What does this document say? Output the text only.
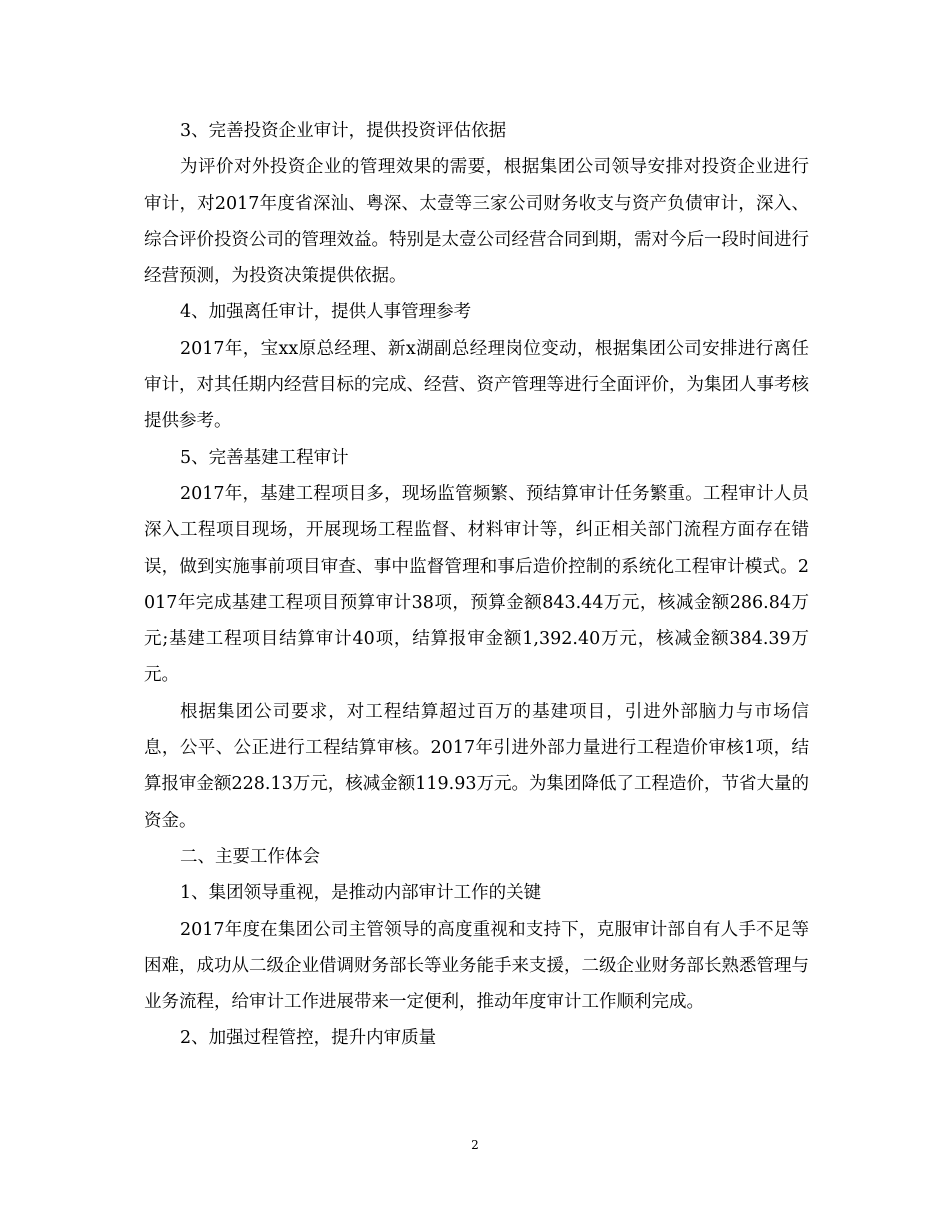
3、完善投资企业审计，提供投资评估依据

为评价对外投资企业的管理效果的需要，根据集团公司领导安排对投资企业进行审计，对2017年度省深汕、粤深、太壹等三家公司财务收支与资产负债审计，深入、综合评价投资公司的管理效益。特别是太壹公司经营合同到期，需对今后一段时间进行经营预测，为投资决策提供依据。

4、加强离任审计，提供人事管理参考

2017年，宝xx原总经理、新x湖副总经理岗位变动，根据集团公司安排进行离任审计，对其任期内经营目标的完成、经营、资产管理等进行全面评价，为集团人事考核提供参考。

5、完善基建工程审计

2017年，基建工程项目多，现场监管频繁、预结算审计任务繁重。工程审计人员深入工程项目现场，开展现场工程监督、材料审计等，纠正相关部门流程方面存在错误，做到实施事前项目审查、事中监督管理和事后造价控制的系统化工程审计模式。2017年完成基建工程项目预算审计38项，预算金额843.44万元，核减金额286.84万元;基建工程项目结算审计40项，结算报审金额1,392.40万元，核减金额384.39万元。

根据集团公司要求，对工程结算超过百万的基建项目，引进外部脑力与市场信息，公平、公正进行工程结算审核。2017年引进外部力量进行工程造价审核1项，结算报审金额228.13万元，核减金额119.93万元。为集团降低了工程造价，节省大量的资金。

二、主要工作体会

1、集团领导重视，是推动内部审计工作的关键

2017年度在集团公司主管领导的高度重视和支持下，克服审计部自有人手不足等困难，成功从二级企业借调财务部长等业务能手来支援，二级企业财务部长熟悉管理与业务流程，给审计工作进展带来一定便利，推动年度审计工作顺利完成。

2、加强过程管控，提升内审质量

2
